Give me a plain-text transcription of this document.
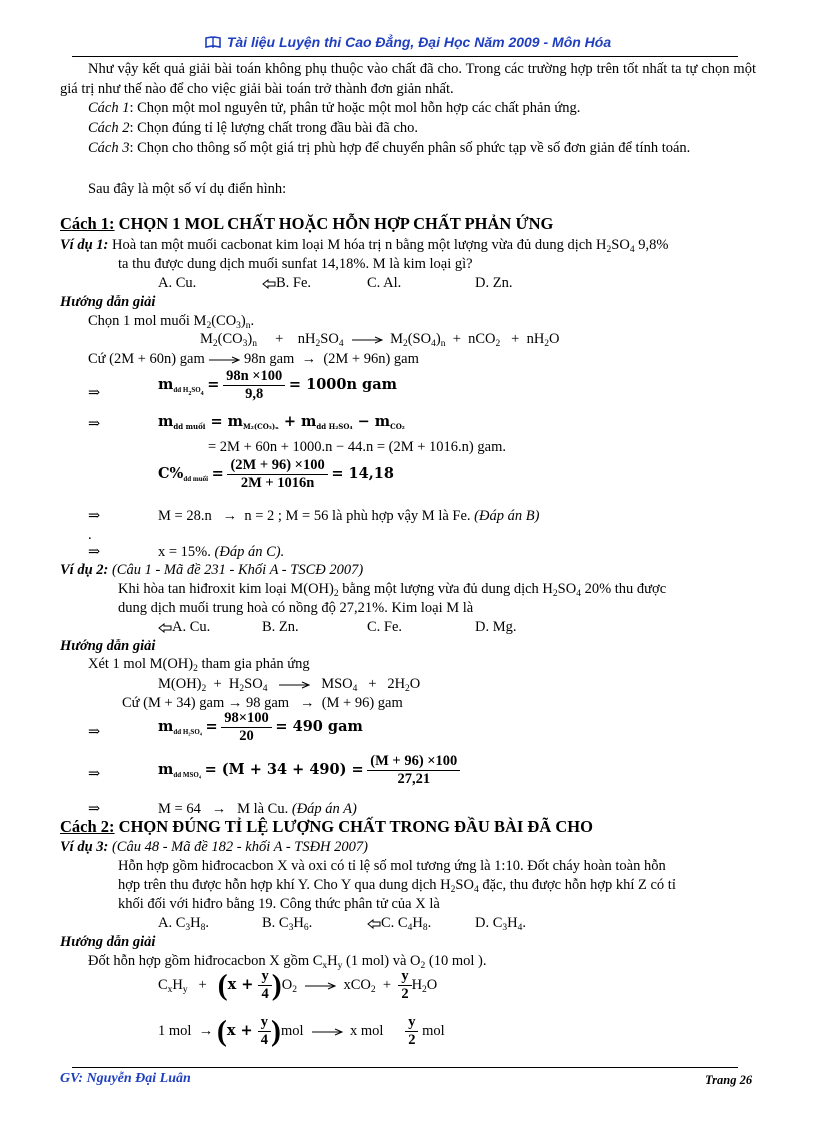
Tài liệu Luyện thi Cao Đẳng, Đại Học Năm 2009 - Môn Hóa
Như vậy kết quả giải bài toán không phụ thuộc vào chất đã cho. Trong các trường hợp trên tốt nhất ta tự chọn một giá trị như thế nào để cho việc giải bài toán trở thành đơn giản nhất.
Cách 1: Chọn một mol nguyên tử, phân tử hoặc một mol hỗn hợp các chất phản ứng.
Cách 2: Chọn đúng tỉ lệ lượng chất trong đầu bài đã cho.
Cách 3: Chọn cho thông số một giá trị phù hợp để chuyển phân số phức tạp về số đơn giản để tính toán.
Sau đây là một số ví dụ điển hình:
Cách 1: CHỌN 1 MOL CHẤT HOẶC HỖN HỢP CHẤT PHẢN ỨNG
Ví dụ 1: Hoà tan một muối cacbonat kim loại M hóa trị n bằng một lượng vừa đủ dung dịch $H_2SO_4$ 9,8%
ta thu được dung dịch muối sunfat 14,18%. M là kim loại gì?
A. Cu.	B. Fe.	C. Al.	D. Zn.
Hướng dẫn giải
Chọn 1 mol muối $M_2(CO_3)_n$.
$M_2(CO_3)_n$     +    $nH_2SO_4 \to M_2(SO_4)_n + nCO_2 + nH_2O$
Cứ (2M + 60n) gam	98n gam → (2M + 96n) gam
⇒
$m_{dd H_2SO_4} = \frac{98n \times 100}{9,8} = 1000n$ gam
⇒	$m_{dd muối} = m_{M_2(CO_3)_n} + m_{dd H_2SO_4} - m_{CO_2}$
= 2M + 60n + 1000.n − 44.n = (2M + 1016.n) gam.
$C\%_{dd muối} = \frac{(2M + 96) \times 100}{2M + 1016n} = 14,18$
⇒	M = 28.n   →  n = 2 ; M = 56 là phù hợp vậy M là Fe. (Đáp án B)
.
⇒	x = 15%. (Đáp án C).
Ví dụ 2: (Câu 1 - Mã đề 231 - Khối A - TSCĐ 2007)
Khi hòa tan hiđroxit kim loại $M(OH)_2$ bằng một lượng vừa đủ dung dịch $H_2SO_4$ 20% thu được
dung dịch muối trung hoà có nồng độ 27,21%. Kim loại M là
A. Cu.	B. Zn.	C. Fe.	D. Mg.
Hướng dẫn giải
Xét 1 mol $M(OH)_2$ tham gia phản ứng
$M(OH)_2 + H_2SO_4 \to MSO_4 + 2H_2O$
Cứ (M + 34) gam → 98 gam   →  (M + 96) gam
⇒	$m_{dd H_2SO_4} = \frac{98\times 100}{20} = 490$ gam
⇒	$m_{dd MSO_4} = (M + 34 + 490) = \frac{(M + 96) \times 100}{27,21}$
⇒	M = 64   →   M là Cu. (Đáp án A)
Cách 2: CHỌN ĐÚNG TỈ LỆ LƯỢNG CHẤT TRONG ĐẦU BÀI ĐÃ CHO
Ví dụ 3: (Câu 48 - Mã đề 182 - khối A - TSĐH 2007)
Hỗn hợp gồm hiđrocacbon X và oxi có tỉ lệ số mol tương ứng là 1:10. Đốt cháy hoàn toàn hỗn
hợp trên thu được hỗn hợp khí Y. Cho Y qua dung dịch $H_2SO_4$ đặc, thu được hỗn hợp khí Z có tỉ
khối đối với hiđro bằng 19. Công thức phân tử của X là
A. $C_3H_8$.	B. $C_3H_6$.	C. $C_4H_8$.	D. $C_3H_4$.
Hướng dẫn giải
Đốt hỗn hợp gồm hiđrocacbon X gồm $C_xH_y$ (1 mol) và $O_2$ (10 mol ).
$C_xH_y + (x + \frac{y}{4} )O_2 \to xCO_2 + \frac{y}{2} H_2O$
1 mol  → $(x + \frac{y}{4} )mol$	x mol $\frac{y}{2}$ mol
GV: Nguyễn Đại Luân	Trang 26
